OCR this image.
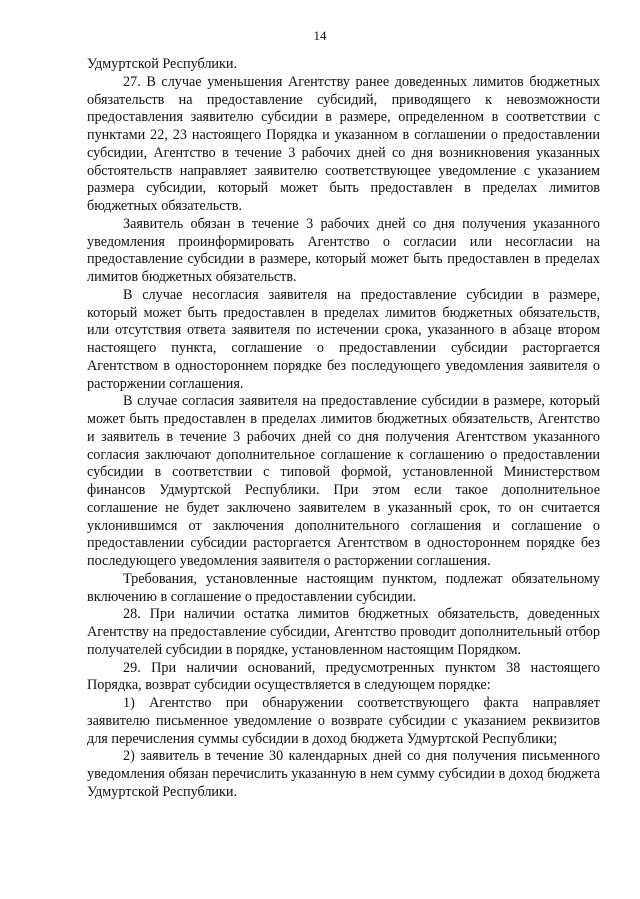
14

Удмуртской Республики.

27. В случае уменьшения Агентству ранее доведенных лимитов бюджетных обязательств на предоставление субсидий, приводящего к невозможности предоставления заявителю субсидии в размере, определенном в соответствии с пунктами 22, 23 настоящего Порядка и указанном в соглашении о предоставлении субсидии, Агентство в течение 3 рабочих дней со дня возникновения указанных обстоятельств направляет заявителю соответствующее уведомление с указанием размера субсидии, который может быть предоставлен в пределах лимитов бюджетных обязательств.

Заявитель обязан в течение 3 рабочих дней со дня получения указанного уведомления проинформировать Агентство о согласии или несогласии на предоставление субсидии в размере, который может быть предоставлен в пределах лимитов бюджетных обязательств.

В случае несогласия заявителя на предоставление субсидии в размере, который может быть предоставлен в пределах лимитов бюджетных обязательств, или отсутствия ответа заявителя по истечении срока, указанного в абзаце втором настоящего пункта, соглашение о предоставлении субсидии расторгается Агентством в одностороннем порядке без последующего уведомления заявителя о расторжении соглашения.

В случае согласия заявителя на предоставление субсидии в размере, который может быть предоставлен в пределах лимитов бюджетных обязательств, Агентство и заявитель в течение 3 рабочих дней со дня получения Агентством указанного согласия заключают дополнительное соглашение к соглашению о предоставлении субсидии в соответствии с типовой формой, установленной Министерством финансов Удмуртской Республики. При этом если такое дополнительное соглашение не будет заключено заявителем в указанный срок, то он считается уклонившимся от заключения дополнительного соглашения и соглашение о предоставлении субсидии расторгается Агентством в одностороннем порядке без последующего уведомления заявителя о расторжении соглашения.

Требования, установленные настоящим пунктом, подлежат обязательному включению в соглашение о предоставлении субсидии.

28. При наличии остатка лимитов бюджетных обязательств, доведенных Агентству на предоставление субсидии, Агентство проводит дополнительный отбор получателей субсидии в порядке, установленном настоящим Порядком.

29. При наличии оснований, предусмотренных пунктом 38 настоящего Порядка, возврат субсидии осуществляется в следующем порядке:

1) Агентство при обнаружении соответствующего факта направляет заявителю письменное уведомление о возврате субсидии с указанием реквизитов для перечисления суммы субсидии в доход бюджета Удмуртской Республики;

2) заявитель в течение 30 календарных дней со дня получения письменного уведомления обязан перечислить указанную в нем сумму субсидии в доход бюджета Удмуртской Республики.
